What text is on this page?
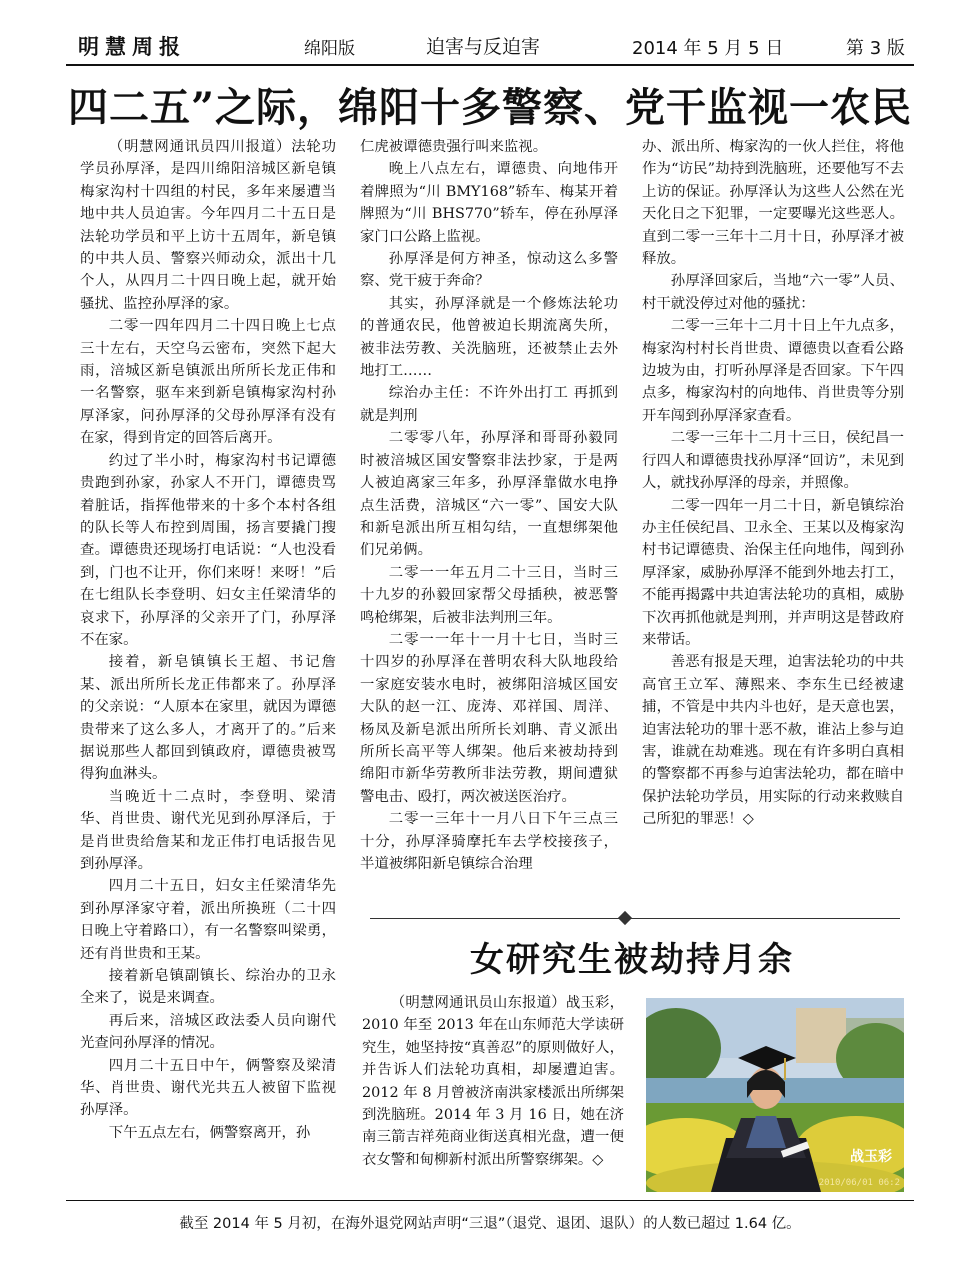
明慧周报	绵阳版	迫害与反迫害	2014 年 5 月 5 日	第 3 版
四二五”之际，绵阳十多警察、党干监视一农民

（明慧网通讯员四川报道）法轮功学员孙厚泽，是四川绵阳涪城区新皂镇梅家沟村十四组的村民，多年来屡遭当地中共人员迫害。今年四月二十五日是法轮功学员和平上访十五周年，新皂镇的中共人员、警察兴师动众，派出十几个人，从四月二十四日晚上起，就开始骚扰、监控孙厚泽的家。

二零一四年四月二十四日晚上七点三十左右，天空乌云密布，突然下起大雨，涪城区新皂镇派出所所长龙正伟和一名警察，驱车来到新皂镇梅家沟村孙厚泽家，问孙厚泽的父母孙厚泽有没有在家，得到肯定的回答后离开。

约过了半小时，梅家沟村书记谭德贵跑到孙家，孙家人不开门，谭德贵骂着脏话，指挥他带来的十多个本村各组的队长等人布控到周围，扬言要撬门搜查。谭德贵还现场打电话说：“人也没看到，门也不让开，你们来呀！来呀！”后在七组队长李登明、妇女主任梁清华的哀求下，孙厚泽的父亲开了门，孙厚泽不在家。

接着，新皂镇镇长王超、书记詹某、派出所所长龙正伟都来了。孙厚泽的父亲说：“人原本在家里，就因为谭德贵带来了这么多人，才离开了的。”后来据说那些人都回到镇政府，谭德贵被骂得狗血淋头。

当晚近十二点时，李登明、梁清华、肖世贵、谢代光见到孙厚泽后，于是肖世贵给詹某和龙正伟打电话报告见到孙厚泽。

四月二十五日，妇女主任梁清华先到孙厚泽家守着，派出所换班（二十四日晚上守着路口），有一名警察叫梁勇，还有肖世贵和王某。

接着新皂镇副镇长、综治办的卫永全来了，说是来调查。

再后来，涪城区政法委人员向谢代光查问孙厚泽的情况。

四月二十五日中午，俩警察及梁清华、肖世贵、谢代光共五人被留下监视孙厚泽。

下午五点左右，俩警察离开，孙

仁虎被谭德贵强行叫来监视。

晚上八点左右，谭德贵、向地伟开着牌照为“川 BMY168”轿车、梅某开着牌照为“川 BHS770”轿车，停在孙厚泽家门口公路上监视。

孙厚泽是何方神圣，惊动这么多警察、党干疲于奔命？

其实，孙厚泽就是一个修炼法轮功的普通农民，他曾被迫长期流离失所，被非法劳教、关洗脑班，还被禁止去外地打工……

综治办主任：不许外出打工 再抓到就是判刑

二零零八年，孙厚泽和哥哥孙毅同时被涪城区国安警察非法抄家，于是两人被迫离家三年多，孙厚泽靠做水电挣点生活费，涪城区“六一零”、国安大队和新皂派出所互相勾结，一直想绑架他们兄弟俩。

二零一一年五月二十三日，当时三十九岁的孙毅回家帮父母插秧，被恶警鸣枪绑架，后被非法判刑三年。

二零一一年十一月十七日，当时三十四岁的孙厚泽在普明农科大队地段给一家庭安装水电时，被绑阳涪城区国安大队的赵一江、庞涛、邓祥国、周洋、杨凤及新皂派出所所长刘聃、青义派出所所长高平等人绑架。他后来被劫持到绵阳市新华劳教所非法劳教，期间遭狱警电击、殴打，两次被送医治疗。

二零一三年十一月八日下午三点三十分，孙厚泽骑摩托车去学校接孩子，半道被绑阳新皂镇综合治理

办、派出所、梅家沟的一伙人拦住，将他作为“访民”劫持到洗脑班，还要他写不去上访的保证。孙厚泽认为这些人公然在光天化日之下犯罪，一定要曝光这些恶人。直到二零一三年十二月十日，孙厚泽才被释放。

孙厚泽回家后，当地“六一零”人员、村干就没停过对他的骚扰：

二零一三年十二月十日上午九点多，梅家沟村村长肖世贵、谭德贵以查看公路边坡为由，打听孙厚泽是否回家。下午四点多，梅家沟村的向地伟、肖世贵等分别开车闯到孙厚泽家查看。

二零一三年十二月十三日，侯纪昌一行四人和谭德贵找孙厚泽“回访”，未见到人，就找孙厚泽的母亲，并照像。

二零一四年一月二十日，新皂镇综治办主任侯纪昌、卫永全、王某以及梅家沟村书记谭德贵、治保主任向地伟，闯到孙厚泽家，威胁孙厚泽不能到外地去打工，不能再揭露中共迫害法轮功的真相，威胁下次再抓他就是判刑，并声明这是替政府来带话。

善恶有报是天理，迫害法轮功的中共高官王立军、薄熙来、李东生已经被逮捕，不管是中共内斗也好，是天意也罢，迫害法轮功的罪十恶不赦，谁沾上参与迫害，谁就在劫难逃。现在有许多明白真相的警察都不再参与迫害法轮功，都在暗中保护法轮功学员，用实际的行动来救赎自己所犯的罪恶！◇

女研究生被劫持月余

（明慧网通讯员山东报道）战玉彩，2010 年至 2013 年在山东师范大学读研究生，她坚持按“真善忍”的原则做好人，并告诉人们法轮功真相，却屡遭迫害。2012 年 8 月曾被济南洪家楼派出所绑架到洗脑班。2014 年 3 月 16 日，她在济南三箭吉祥苑商业街送真相光盘，遭一便衣女警和甸柳新村派出所警察绑架。◇	战玉彩
2010/06/01 06:2
截至 2014 年 5 月初，在海外退党网站声明“三退”（退党、退团、退队）的人数已超过 1.64 亿。
